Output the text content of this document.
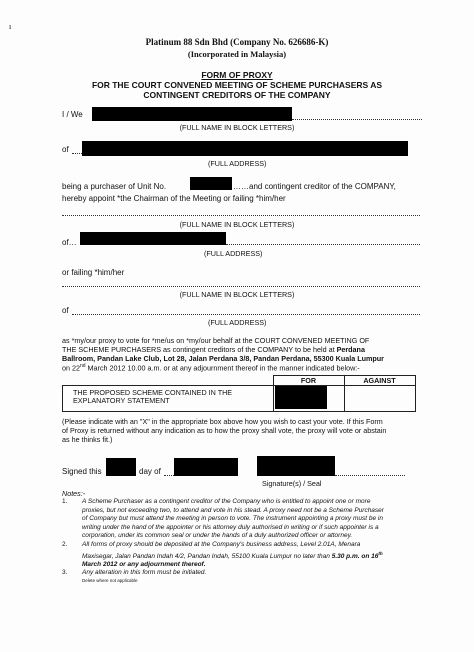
ı
Platinum 88 Sdn Bhd (Company No. 626686-K)
(Incorporated in Malaysia)
FORM OF PROXY
FOR THE COURT CONVENED MEETING OF SCHEME PURCHASERS AS
CONTINGENT CREDITORS OF THE COMPANY
I / We
(FULL NAME IN BLOCK LETTERS)
of
(FULL ADDRESS)
being a purchaser of Unit No.	……and contingent creditor of the COMPANY,
hereby appoint *the Chairman of the Meeting or failing *him/her
(FULL NAME IN BLOCK LETTERS)
of…
(FULL ADDRESS)
or failing *him/her
(FULL NAME IN BLOCK LETTERS)
of
(FULL ADDRESS)
as *my/our proxy to vote for *me/us on *my/our behalf at the COURT CONVENED MEETING OF
THE SCHEME PURCHASERS as contingent creditors of the COMPANY to be held at Perdana
Ballroom, Pandan Lake Club, Lot 28, Jalan Perdana 3/8, Pandan Perdana, 55300 Kuala Lumpur
on 22nd March 2012 10.00 a.m. or at any adjournment thereof in the manner indicated below:-
	FOR	AGAINST

THE PROPOSED SCHEME CONTAINED IN THE
EXPLANATORY STATEMENT		

(Please indicate with an "X" in the appropriate box above how you wish to cast your vote. If this Form
of Proxy is returned without any indication as to how the proxy shall vote, the proxy will vote or abstain
as he thinks fit.)
Signed this	day of
Signature(s) / Seal
Notes:-
1. A Scheme Purchaser as a contingent creditor of the Company who is entitled to appoint one or more
proxies, but not exceeding two, to attend and vote in his stead. A proxy need not be a Scheme Purchaser
of Company but must attend the meeting in person to vote. The instrument appointing a proxy must be in
writing under the hand of the appointer or his attorney duly authorised in writing or if such appointer is a
corporation, under its common seal or under the hands of a duly authorized officer or attorney.
2. All forms of proxy should be deposited at the Company's business address, Level 2.01A, Menara
Maxisegar, Jalan Pandan Indah 4/2, Pandan Indah, 55100 Kuala Lumpur no later than 5.30 p.m. on 16th
March 2012 or any adjournment thereof.
3. Any alteration in this form must be initiated.
Delete where not applicable
